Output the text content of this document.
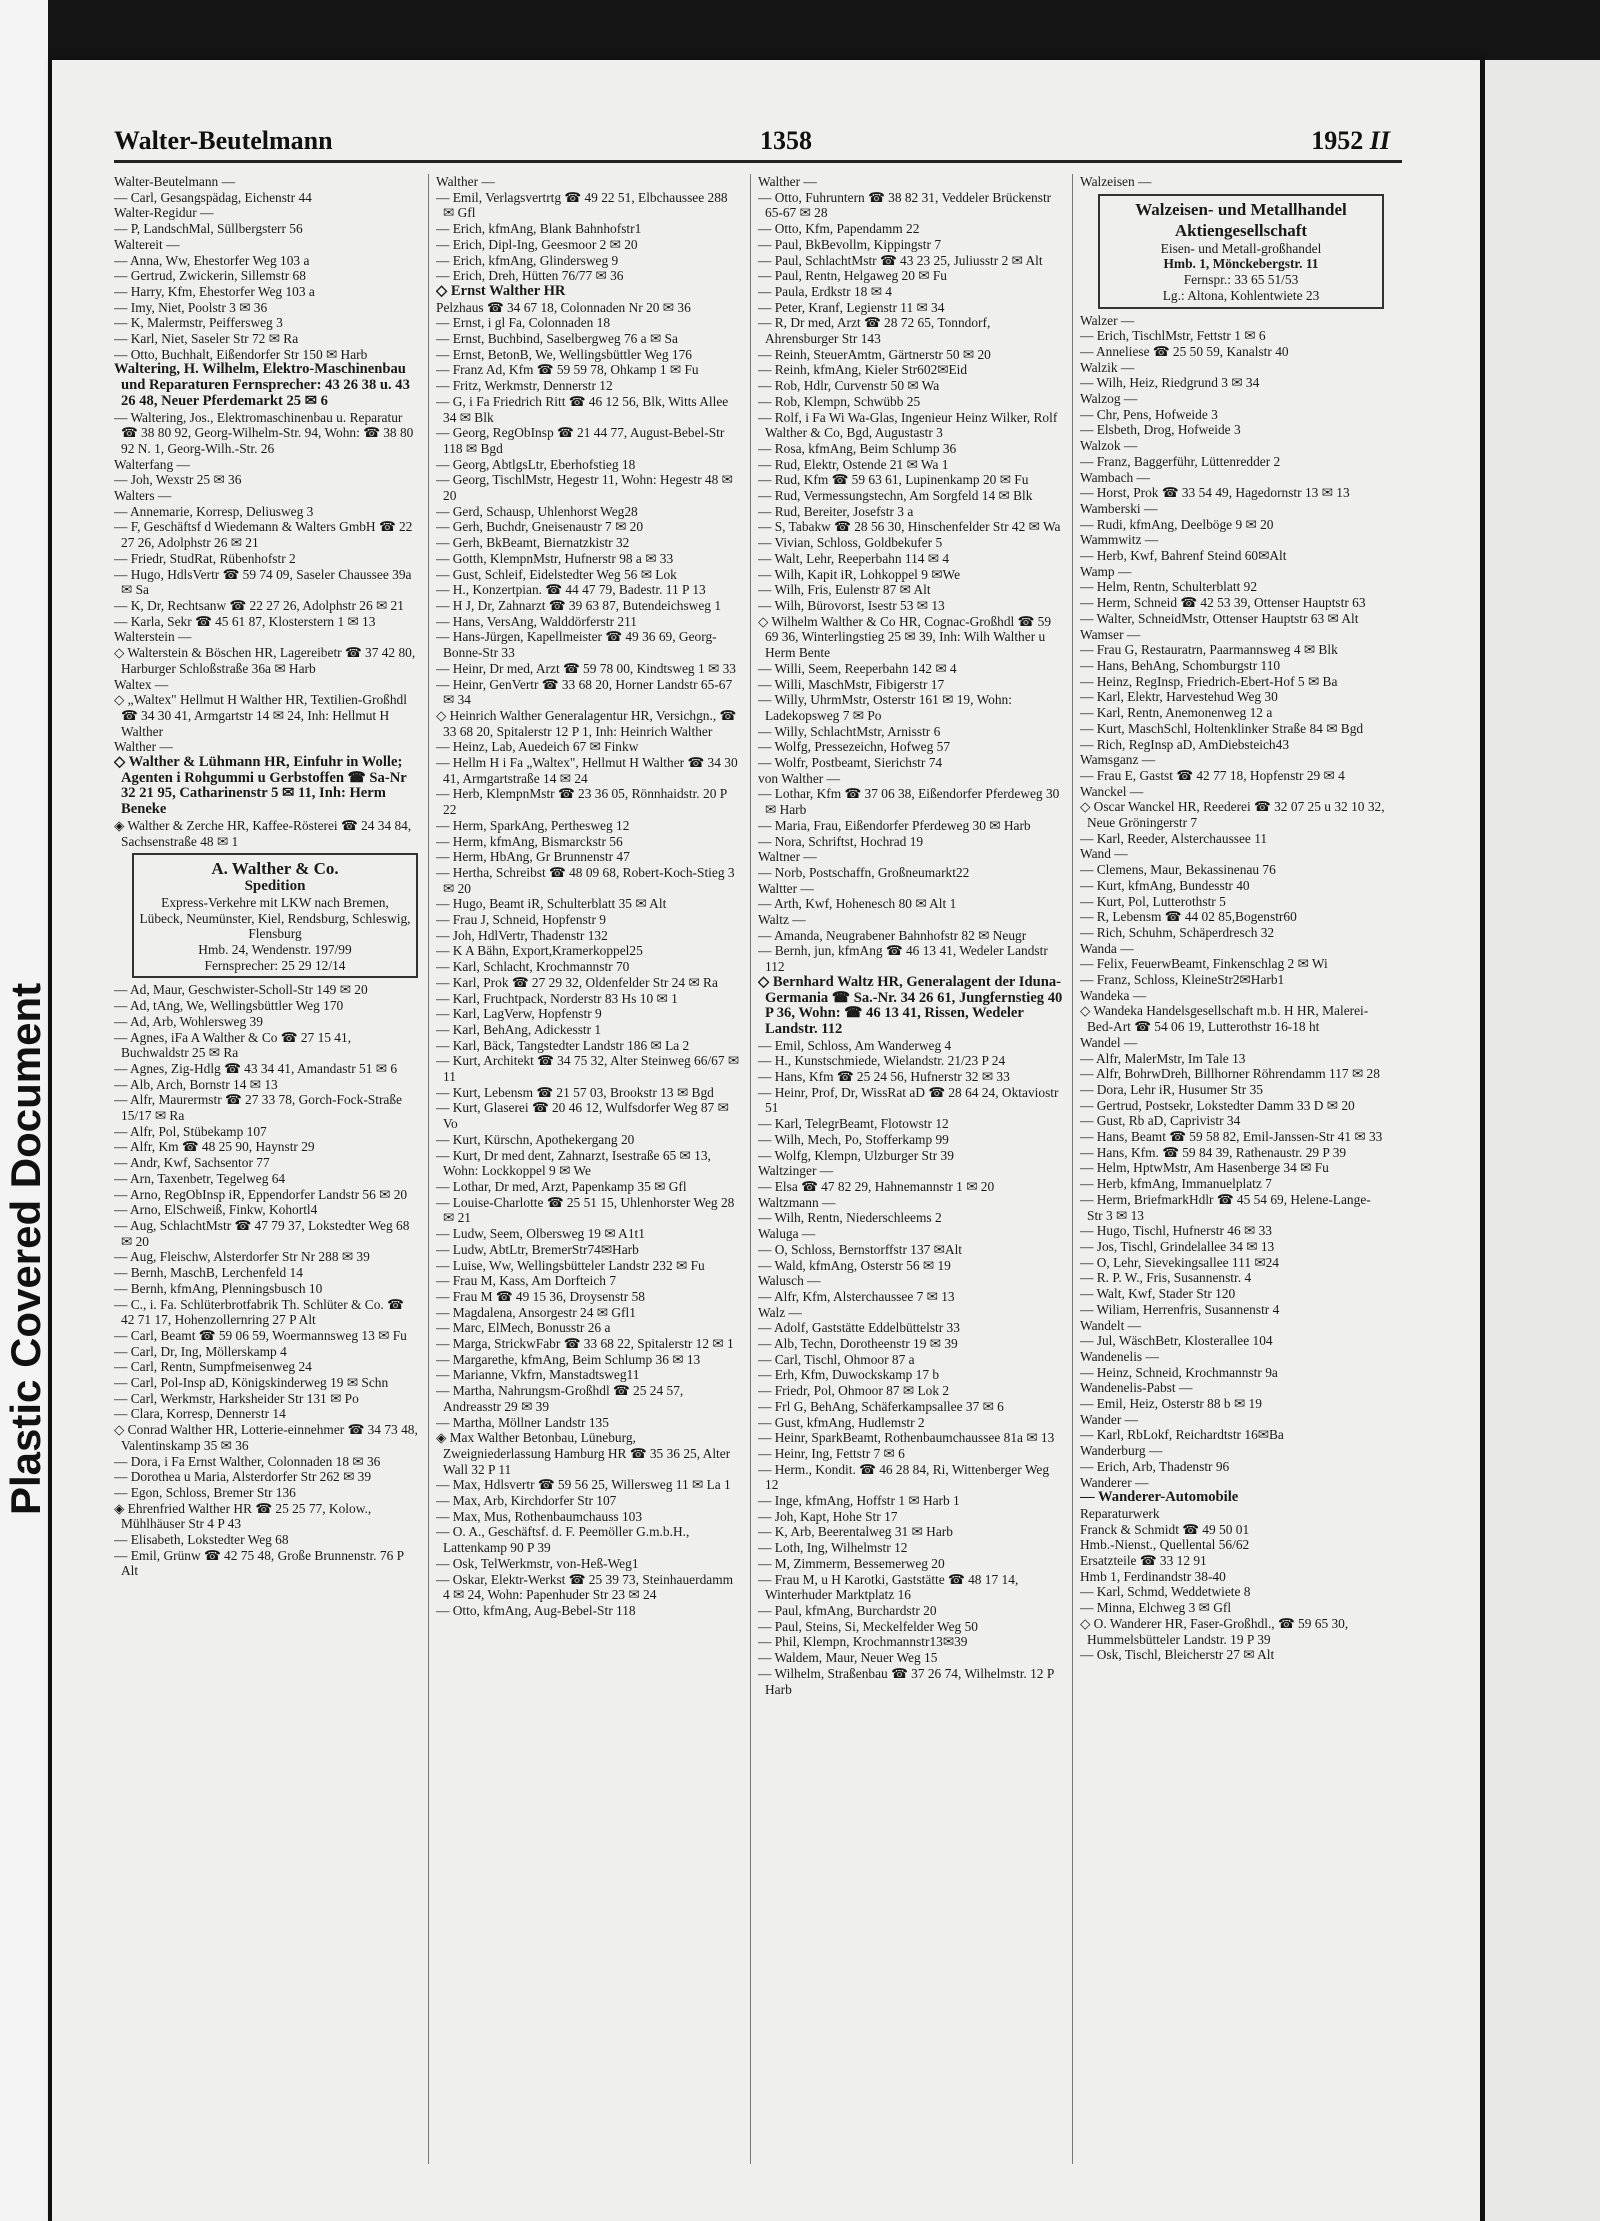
Plastic Covered Document
Walter-Beutelmann	1358	1952 II
Walter-Beutelmann —
— Carl, Gesangspädag, Eichenstr 44
Walter-Regidur —
— P, LandschMal, Süllbergsterr 56
Waltereit —
— Anna, Ww, Ehestorfer Weg 103 a
— Gertrud, Zwickerin, Sillemstr 68
— Harry, Kfm, Ehestorfer Weg 103 a
— Imy, Niet, Poolstr 3 ✉ 36
— K, Malermstr, Peiffersweg 3
— Karl, Niet, Saseler Str 72 ✉ Ra
— Otto, Buchhalt, Eißendorfer Str 150 ✉ Harb
Waltering, H. Wilhelm, Elektro-Maschinenbau und Reparaturen Fernsprecher: 43 26 38 u. 43 26 48, Neuer Pferdemarkt 25 ✉ 6
— Waltering, Jos., Elektromaschinenbau u. Reparatur ☎ 38 80 92, Georg-Wilhelm-Str. 94, Wohn: ☎ 38 80 92 N. 1, Georg-Wilh.-Str. 26
Walterfang —
— Joh, Wexstr 25 ✉ 36
Walters —
— Annemarie, Korresp, Deliusweg 3
— F, Geschäftsf d Wiedemann & Walters GmbH ☎ 22 27 26, Adolphstr 26 ✉ 21
— Friedr, StudRat, Rübenhofstr 2
— Hugo, HdlsVertr ☎ 59 74 09, Saseler Chaussee 39a ✉ Sa
— K, Dr, Rechtsanw ☎ 22 27 26, Adolphstr 26 ✉ 21
— Karla, Sekr ☎ 45 61 87, Klosterstern 1 ✉ 13
Walterstein —
◇ Walterstein & Böschen HR, Lagereibetr ☎ 37 42 80, Harburger Schloßstraße 36a ✉ Harb
Waltex —
◇ „Waltex" Hellmut H Walther HR, Textilien-Großhdl ☎ 34 30 41, Armgartstr 14 ✉ 24, Inh: Hellmut H Walther
Walther —
◇ Walther & Lühmann HR, Einfuhr in Wolle; Agenten i Rohgummi u Gerbstoffen ☎ Sa-Nr 32 21 95, Catharinenstr 5 ✉ 11, Inh: Herm Beneke
◈ Walther & Zerche HR, Kaffee-Rösterei ☎ 24 34 84, Sachsenstraße 48 ✉ 1
A. Walther & Co.
Spedition
Express-Verkehre mit LKW nach Bremen, Lübeck, Neumünster, Kiel, Rendsburg, Schleswig, Flensburg
Hmb. 24, Wendenstr. 197/99
Fernsprecher: 25 29 12/14
— Ad, Maur, Geschwister-Scholl-Str 149 ✉ 20
— Ad, tAng, We, Wellingsbüttler Weg 170
— Ad, Arb, Wohlersweg 39
— Agnes, iFa A Walther & Co ☎ 27 15 41, Buchwaldstr 25 ✉ Ra
— Agnes, Zig-Hdlg ☎ 43 34 41, Amandastr 51 ✉ 6
— Alb, Arch, Bornstr 14 ✉ 13
— Alfr, Maurermstr ☎ 27 33 78, Gorch-Fock-Straße 15/17 ✉ Ra
— Alfr, Pol, Stübekamp 107
— Alfr, Km ☎ 48 25 90, Haynstr 29
— Andr, Kwf, Sachsentor 77
— Arn, Taxenbetr, Tegelweg 64
— Arno, RegObInsp iR, Eppendorfer Landstr 56 ✉ 20
— Arno, ElSchweiß, Finkw, Kohortl4
— Aug, SchlachtMstr ☎ 47 79 37, Lokstedter Weg 68 ✉ 20
— Aug, Fleischw, Alsterdorfer Str Nr 288 ✉ 39
— Bernh, MaschB, Lerchenfeld 14
— Bernh, kfmAng, Plenningsbusch 10
— C., i. Fa. Schlüterbrotfabrik Th. Schlüter & Co. ☎ 42 71 17, Hohenzollernring 27 P Alt
— Carl, Beamt ☎ 59 06 59, Woermannsweg 13 ✉ Fu
— Carl, Dr, Ing, Möllerskamp 4
— Carl, Rentn, Sumpfmeisenweg 24
— Carl, Pol-Insp aD, Königskinderweg 19 ✉ Schn
— Carl, Werkmstr, Harksheider Str 131 ✉ Po
— Clara, Korresp, Dennerstr 14
◇ Conrad Walther HR, Lotterie-einnehmer ☎ 34 73 48, Valentinskamp 35 ✉ 36
— Dora, i Fa Ernst Walther, Colonnaden 18 ✉ 36
— Dorothea u Maria, Alsterdorfer Str 262 ✉ 39
— Egon, Schloss, Bremer Str 136
◈ Ehrenfried Walther HR ☎ 25 25 77, Kolow., Mühlhäuser Str 4 P 43
— Elisabeth, Lokstedter Weg 68
— Emil, Grünw ☎ 42 75 48, Große Brunnenstr. 76 P Alt
Walther —
— Emil, Verlagsvertrtg ☎ 49 22 51, Elbchaussee 288 ✉ Gfl
— Erich, kfmAng, Blank Bahnhofstr1
— Erich, Dipl-Ing, Geesmoor 2 ✉ 20
— Erich, kfmAng, Glindersweg 9
— Erich, Dreh, Hütten 76/77 ✉ 36
◇ Ernst Walther HR
Pelzhaus ☎ 34 67 18, Colonnaden Nr 20 ✉ 36
— Ernst, i gl Fa, Colonnaden 18
— Ernst, Buchbind, Saselbergweg 76 a ✉ Sa
— Ernst, BetonB, We, Wellingsbüttler Weg 176
— Franz Ad, Kfm ☎ 59 59 78, Ohkamp 1 ✉ Fu
— Fritz, Werkmstr, Dennerstr 12
— G, i Fa Friedrich Ritt ☎ 46 12 56, Blk, Witts Allee 34 ✉ Blk
— Georg, RegObInsp ☎ 21 44 77, August-Bebel-Str 118 ✉ Bgd
— Georg, AbtlgsLtr, Eberhofstieg 18
— Georg, TischlMstr, Hegestr 11, Wohn: Hegestr 48 ✉ 20
— Gerd, Schausp, Uhlenhorst Weg28
— Gerh, Buchdr, Gneisenaustr 7 ✉ 20
— Gerh, BkBeamt, Biernatzkistr 32
— Gotth, KlempnMstr, Hufnerstr 98 a ✉ 33
— Gust, Schleif, Eidelstedter Weg 56 ✉ Lok
— H., Konzertpian. ☎ 44 47 79, Badestr. 11 P 13
— H J, Dr, Zahnarzt ☎ 39 63 87, Butendeichsweg 1
— Hans, VersAng, Walddörferstr 211
— Hans-Jürgen, Kapellmeister ☎ 49 36 69, Georg-Bonne-Str 33
— Heinr, Dr med, Arzt ☎ 59 78 00, Kindtsweg 1 ✉ 33
— Heinr, GenVertr ☎ 33 68 20, Horner Landstr 65-67 ✉ 34
◇ Heinrich Walther Generalagentur HR, Versichgn., ☎ 33 68 20, Spitalerstr 12 P 1, Inh: Heinrich Walther
— Heinz, Lab, Auedeich 67 ✉ Finkw
— Hellm H i Fa „Waltex", Hellmut H Walther ☎ 34 30 41, Armgartstraße 14 ✉ 24
— Herb, KlempnMstr ☎ 23 36 05, Rönnhaidstr. 20 P 22
— Herm, SparkAng, Perthesweg 12
— Herm, kfmAng, Bismarckstr 56
— Herm, HbAng, Gr Brunnenstr 47
— Hertha, Schreibst ☎ 48 09 68, Robert-Koch-Stieg 3 ✉ 20
— Hugo, Beamt iR, Schulterblatt 35 ✉ Alt
— Frau J, Schneid, Hopfenstr 9
— Joh, HdlVertr, Thadenstr 132
— K A Bähn, Export,Kramerkoppel25
— Karl, Schlacht, Krochmannstr 70
— Karl, Prok ☎ 27 29 32, Oldenfelder Str 24 ✉ Ra
— Karl, Fruchtpack, Norderstr 83 Hs 10 ✉ 1
— Karl, LagVerw, Hopfenstr 9
— Karl, BehAng, Adickesstr 1
— Karl, Bäck, Tangstedter Landstr 186 ✉ La 2
— Kurt, Architekt ☎ 34 75 32, Alter Steinweg 66/67 ✉ 11
— Kurt, Lebensm ☎ 21 57 03, Brookstr 13 ✉ Bgd
— Kurt, Glaserei ☎ 20 46 12, Wulfsdorfer Weg 87 ✉ Vo
— Kurt, Kürschn, Apothekergang 20
— Kurt, Dr med dent, Zahnarzt, Isestraße 65 ✉ 13, Wohn: Lockkoppel 9 ✉ We
— Lothar, Dr med, Arzt, Papenkamp 35 ✉ Gfl
— Louise-Charlotte ☎ 25 51 15, Uhlenhorster Weg 28 ✉ 21
— Ludw, Seem, Olbersweg 19 ✉ A1t1
— Ludw, AbtLtr, BremerStr74✉Harb
— Luise, Ww, Wellingsbütteler Landstr 232 ✉ Fu
— Frau M, Kass, Am Dorfteich 7
— Frau M ☎ 49 15 36, Droysenstr 58
— Magdalena, Ansorgestr 24 ✉ Gfl1
— Marc, ElMech, Bonusstr 26 a
— Marga, StrickwFabr ☎ 33 68 22, Spitalerstr 12 ✉ 1
— Margarethe, kfmAng, Beim Schlump 36 ✉ 13
— Marianne, Vkfrn, Manstadtsweg11
— Martha, Nahrungsm-Großhdl ☎ 25 24 57, Andreasstr 29 ✉ 39
— Martha, Möllner Landstr 135
◈ Max Walther Betonbau, Lüneburg, Zweigniederlassung Hamburg HR ☎ 35 36 25, Alter Wall 32 P 11
— Max, Hdlsvertr ☎ 59 56 25, Willersweg 11 ✉ La 1
— Max, Arb, Kirchdorfer Str 107
— Max, Mus, Rothenbaumchauss 103
— O. A., Geschäftsf. d. F. Peemöller G.m.b.H., Lattenkamp 90 P 39
— Osk, TelWerkmstr, von-Heß-Weg1
— Oskar, Elektr-Werkst ☎ 25 39 73, Steinhauerdamm 4 ✉ 24, Wohn: Papenhuder Str 23 ✉ 24
— Otto, kfmAng, Aug-Bebel-Str 118
Walther —
— Otto, Fuhruntern ☎ 38 82 31, Veddeler Brückenstr 65-67 ✉ 28
— Otto, Kfm, Papendamm 22
— Paul, BkBevollm, Kippingstr 7
— Paul, SchlachtMstr ☎ 43 23 25, Juliusstr 2 ✉ Alt
— Paul, Rentn, Helgaweg 20 ✉ Fu
— Paula, Erdkstr 18 ✉ 4
— Peter, Kranf, Legienstr 11 ✉ 34
— R, Dr med, Arzt ☎ 28 72 65, Tonndorf, Ahrensburger Str 143
— Reinh, SteuerAmtm, Gärtnerstr 50 ✉ 20
— Reinh, kfmAng, Kieler Str602✉Eid
— Rob, Hdlr, Curvenstr 50 ✉ Wa
— Rob, Klempn, Schwübb 25
— Rolf, i Fa Wi Wa-Glas, Ingenieur Heinz Wilker, Rolf Walther & Co, Bgd, Augustastr 3
— Rosa, kfmAng, Beim Schlump 36
— Rud, Elektr, Ostende 21 ✉ Wa 1
— Rud, Kfm ☎ 59 63 61, Lupinenkamp 20 ✉ Fu
— Rud, Vermessungstechn, Am Sorgfeld 14 ✉ Blk
— Rud, Bereiter, Josefstr 3 a
— S, Tabakw ☎ 28 56 30, Hinschenfelder Str 42 ✉ Wa
— Vivian, Schloss, Goldbekufer 5
— Walt, Lehr, Reeperbahn 114 ✉ 4
— Wilh, Kapit iR, Lohkoppel 9 ✉We
— Wilh, Fris, Eulenstr 87 ✉ Alt
— Wilh, Bürovorst, Isestr 53 ✉ 13
◇ Wilhelm Walther & Co HR, Cognac-Großhdl ☎ 59 69 36, Winterlingstieg 25 ✉ 39, Inh: Wilh Walther u Herm Bente
— Willi, Seem, Reeperbahn 142 ✉ 4
— Willi, MaschMstr, Fibigerstr 17
— Willy, UhrmMstr, Osterstr 161 ✉ 19, Wohn: Ladekopsweg 7 ✉ Po
— Willy, SchlachtMstr, Arnisstr 6
— Wolfg, Pressezeichn, Hofweg 57
— Wolfr, Postbeamt, Sierichstr 74
von Walther —
— Lothar, Kfm ☎ 37 06 38, Eißendorfer Pferdeweg 30 ✉ Harb
— Maria, Frau, Eißendorfer Pferdeweg 30 ✉ Harb
— Nora, Schriftst, Hochrad 19
Waltner —
— Norb, Postschaffn, Großneumarkt22
Waltter —
— Arth, Kwf, Hohenesch 80 ✉ Alt 1
Waltz —
— Amanda, Neugrabener Bahnhofstr 82 ✉ Neugr
— Bernh, jun, kfmAng ☎ 46 13 41, Wedeler Landstr 112
◇ Bernhard Waltz HR, Generalagent der Iduna-Germania ☎ Sa.-Nr. 34 26 61, Jungfernstieg 40 P 36, Wohn: ☎ 46 13 41, Rissen, Wedeler Landstr. 112
— Emil, Schloss, Am Wanderweg 4
— H., Kunstschmiede, Wielandstr. 21/23 P 24
— Hans, Kfm ☎ 25 24 56, Hufnerstr 32 ✉ 33
— Heinr, Prof, Dr, WissRat aD ☎ 28 64 24, Oktaviostr 51
— Karl, TelegrBeamt, Flotowstr 12
— Wilh, Mech, Po, Stofferkamp 99
— Wolfg, Klempn, Ulzburger Str 39
Waltzinger —
— Elsa ☎ 47 82 29, Hahnemannstr 1 ✉ 20
Waltzmann —
— Wilh, Rentn, Niederschleems 2
Waluga —
— O, Schloss, Bernstorffstr 137 ✉Alt
— Wald, kfmAng, Osterstr 56 ✉ 19
Walusch —
— Alfr, Kfm, Alsterchaussee 7 ✉ 13
Walz —
— Adolf, Gaststätte Eddelbüttelstr 33
— Alb, Techn, Dorotheenstr 19 ✉ 39
— Carl, Tischl, Ohmoor 87 a
— Erh, Kfm, Duwockskamp 17 b
— Friedr, Pol, Ohmoor 87 ✉ Lok 2
— Frl G, BehAng, Schäferkampsallee 37 ✉ 6
— Gust, kfmAng, Hudlemstr 2
— Heinr, SparkBeamt, Rothenbaumchaussee 81a ✉ 13
— Heinr, Ing, Fettstr 7 ✉ 6
— Herm., Kondit. ☎ 46 28 84, Ri, Wittenberger Weg 12
— Inge, kfmAng, Hoffstr 1 ✉ Harb 1
— Joh, Kapt, Hohe Str 17
— K, Arb, Beerentalweg 31 ✉ Harb
— Loth, Ing, Wilhelmstr 12
— M, Zimmerm, Bessemerweg 20
— Frau M, u H Karotki, Gaststätte ☎ 48 17 14, Winterhuder Marktplatz 16
— Paul, kfmAng, Burchardstr 20
— Paul, Steins, Si, Meckelfelder Weg 50
— Phil, Klempn, Krochmannstr13✉39
— Waldem, Maur, Neuer Weg 15
— Wilhelm, Straßenbau ☎ 37 26 74, Wilhelmstr. 12 P Harb
Walzeisen —
Walzeisen- und Metallhandel Aktiengesellschaft
Eisen- und Metall-großhandel
Hmb. 1, Mönckebergstr. 11
Fernspr.: 33 65 51/53
Lg.: Altona, Kohlentwiete 23
Walzer —
— Erich, TischlMstr, Fettstr 1 ✉ 6
— Anneliese ☎ 25 50 59, Kanalstr 40
Walzik —
— Wilh, Heiz, Riedgrund 3 ✉ 34
Walzog —
— Chr, Pens, Hofweide 3
— Elsbeth, Drog, Hofweide 3
Walzok —
— Franz, Baggerführ, Lüttenredder 2
Wambach —
— Horst, Prok ☎ 33 54 49, Hagedornstr 13 ✉ 13
Wamberski —
— Rudi, kfmAng, Deelböge 9 ✉ 20
Wammwitz —
— Herb, Kwf, Bahrenf Steind 60✉Alt
Wamp —
— Helm, Rentn, Schulterblatt 92
— Herm, Schneid ☎ 42 53 39, Ottenser Hauptstr 63
— Walter, SchneidMstr, Ottenser Hauptstr 63 ✉ Alt
Wamser —
— Frau G, Restauratrn, Paarmannsweg 4 ✉ Blk
— Hans, BehAng, Schomburgstr 110
— Heinz, RegInsp, Friedrich-Ebert-Hof 5 ✉ Ba
— Karl, Elektr, Harvestehud Weg 30
— Karl, Rentn, Anemonenweg 12 a
— Kurt, MaschSchl, Holtenklinker Straße 84 ✉ Bgd
— Rich, RegInsp aD, AmDiebsteich43
Wamsganz —
— Frau E, Gastst ☎ 42 77 18, Hopfenstr 29 ✉ 4
Wanckel —
◇ Oscar Wanckel HR, Reederei ☎ 32 07 25 u 32 10 32, Neue Gröningerstr 7
— Karl, Reeder, Alsterchaussee 11
Wand —
— Clemens, Maur, Bekassinenau 76
— Kurt, kfmAng, Bundesstr 40
— Kurt, Pol, Lutterothstr 5
— R, Lebensm ☎ 44 02 85,Bogenstr60
— Rich, Schuhm, Schäperdresch 32
Wanda —
— Felix, FeuerwBeamt, Finkenschlag 2 ✉ Wi
— Franz, Schloss, KleineStr2✉Harb1
Wandeka —
◇ Wandeka Handelsgesellschaft m.b. H HR, Malerei-Bed-Art ☎ 54 06 19, Lutterothstr 16-18 ht
Wandel —
— Alfr, MalerMstr, Im Tale 13
— Alfr, BohrwDreh, Billhorner Röhrendamm 117 ✉ 28
— Dora, Lehr iR, Husumer Str 35
— Gertrud, Postsekr, Lokstedter Damm 33 D ✉ 20
— Gust, Rb aD, Caprivistr 34
— Hans, Beamt ☎ 59 58 82, Emil-Janssen-Str 41 ✉ 33
— Hans, Kfm. ☎ 59 84 39, Rathenaustr. 29 P 39
— Helm, HptwMstr, Am Hasenberge 34 ✉ Fu
— Herb, kfmAng, Immanuelplatz 7
— Herm, BriefmarkHdlr ☎ 45 54 69, Helene-Lange-Str 3 ✉ 13
— Hugo, Tischl, Hufnerstr 46 ✉ 33
— Jos, Tischl, Grindelallee 34 ✉ 13
— O, Lehr, Sievekingsallee 111 ✉24
— R. P. W., Fris, Susannenstr. 4
— Walt, Kwf, Stader Str 120
— Wiliam, Herrenfris, Susannenstr 4
Wandelt —
— Jul, WäschBetr, Klosterallee 104
Wandenelis —
— Heinz, Schneid, Krochmannstr 9a
Wandenelis-Pabst —
— Emil, Heiz, Osterstr 88 b ✉ 19
Wander —
— Karl, RbLokf, Reichardtstr 16✉Ba
Wanderburg —
— Erich, Arb, Thadenstr 96
Wanderer —
— Wanderer-Automobile
Reparaturwerk
Franck & Schmidt ☎ 49 50 01
Hmb.-Nienst., Quellental 56/62
Ersatzteile ☎ 33 12 91
Hmb 1, Ferdinandstr 38-40
— Karl, Schmd, Weddetwiete 8
— Minna, Elchweg 3 ✉ Gfl
◇ O. Wanderer HR, Faser-Großhdl., ☎ 59 65 30, Hummelsbütteler Landstr. 19 P 39
— Osk, Tischl, Bleicherstr 27 ✉ Alt
